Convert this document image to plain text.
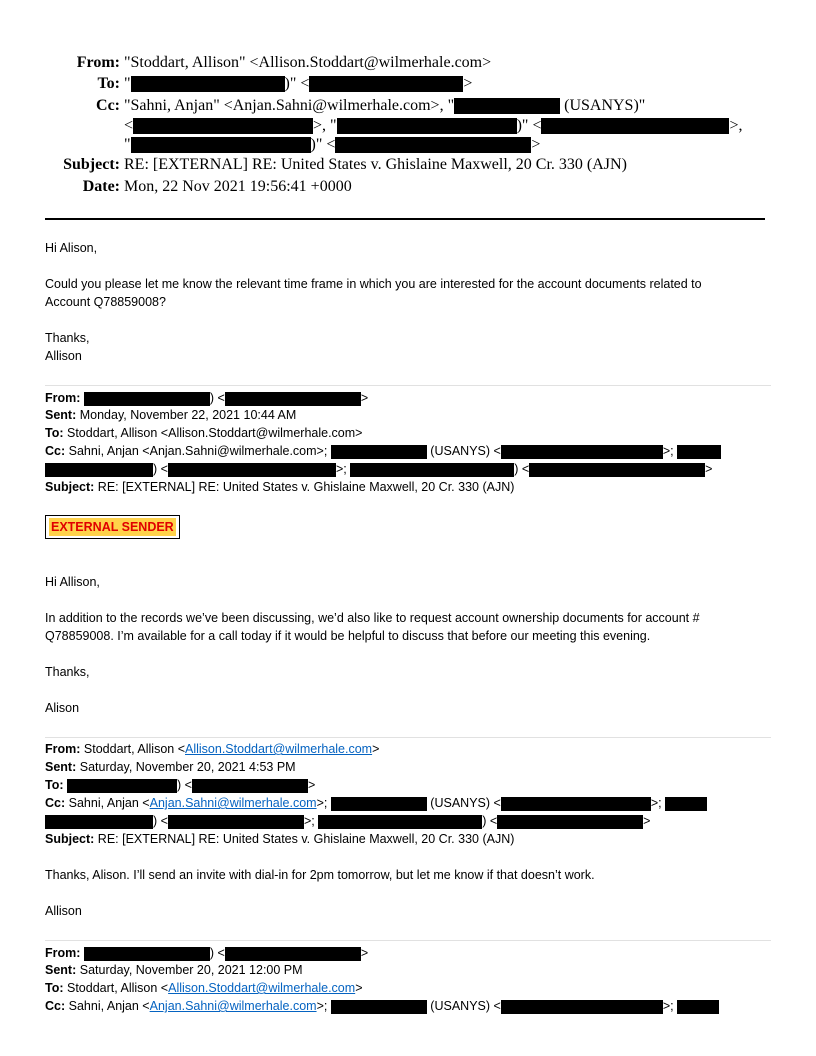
From: "Stoddart, Allison" <Allison.Stoddart@wilmerhale.com>
To: "	)" <	>
Cc: "Sahni, Anjan" <Anjan.Sahni@wilmerhale.com>, "	(USANYS)"
<	>, "	)" <	>,
"	)" <	>
Subject: RE: [EXTERNAL] RE: United States v. Ghislaine Maxwell, 20 Cr. 330 (AJN)
Date: Mon, 22 Nov 2021 19:56:41 +0000
Hi Alison,
Could you please let me know the relevant time frame in which you are interested for the account documents related to
Account Q78859008?
Thanks,
Allison
From:	) <	>
Sent: Monday, November 22, 2021 10:44 AM
To: Stoddart, Allison <Allison.Stoddart@wilmerhale.com>
Cc: Sahni, Anjan <Anjan.Sahni@wilmerhale.com>;	(USANYS) <	>;
) <	>;	) <	>
Subject: RE: [EXTERNAL] RE: United States v. Ghislaine Maxwell, 20 Cr. 330 (AJN)
EXTERNAL SENDER
Hi Allison,
In addition to the records we’ve been discussing, we’d also like to request account ownership documents for account #
Q78859008. I’m available for a call today if it would be helpful to discuss that before our meeting this evening.
Thanks,
Alison
From: Stoddart, Allison <Allison.Stoddart@wilmerhale.com>
Sent: Saturday, November 20, 2021 4:53 PM
To:	) <	>
Cc: Sahni, Anjan <Anjan.Sahni@wilmerhale.com>;	(USANYS) <	>;
) <	>;	) <	>
Subject: RE: [EXTERNAL] RE: United States v. Ghislaine Maxwell, 20 Cr. 330 (AJN)
Thanks, Alison. I’ll send an invite with dial-in for 2pm tomorrow, but let me know if that doesn’t work.
Allison
From:	) <	>
Sent: Saturday, November 20, 2021 12:00 PM
To: Stoddart, Allison <Allison.Stoddart@wilmerhale.com>
Cc: Sahni, Anjan <Anjan.Sahni@wilmerhale.com>;	(USANYS) <	>;
